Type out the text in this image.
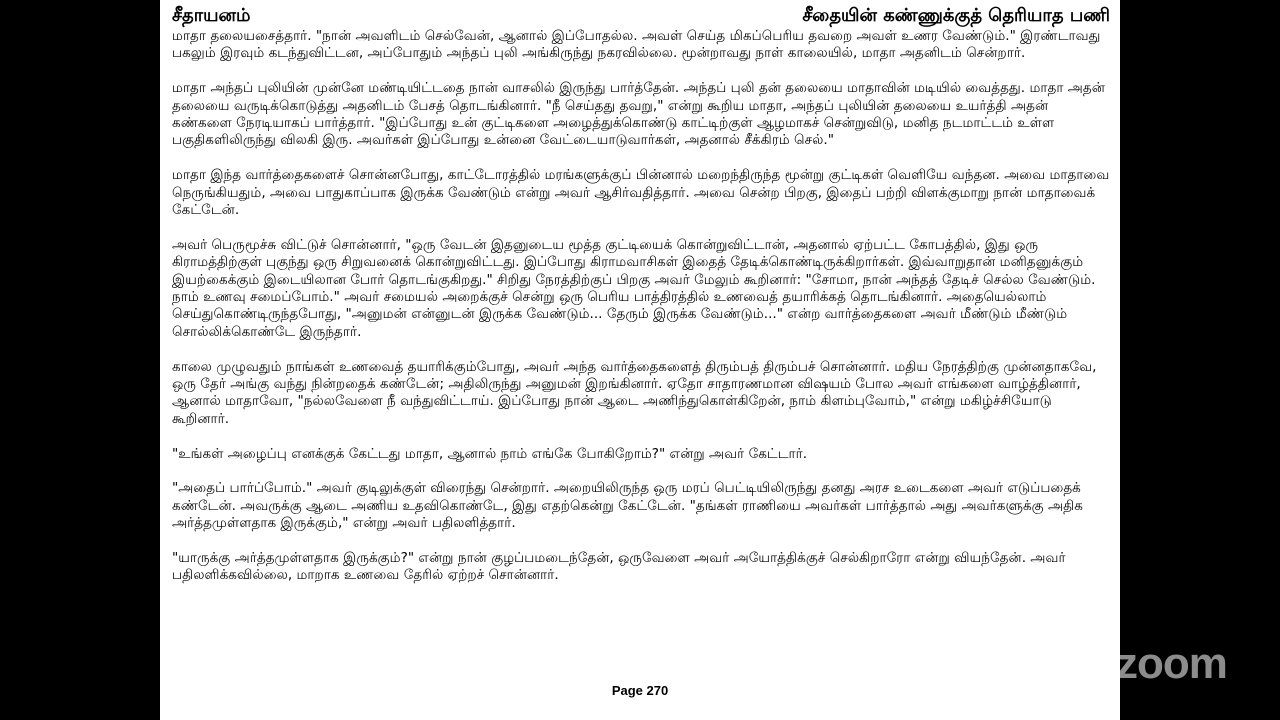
சீதாயனம்	சீதையின் கண்ணுக்குத் தெரியாத பணி

மாதா தலையசைத்தார். "நான் அவளிடம் செல்வேன், ஆனால் இப்போதல்ல. அவள் செய்த மிகப்பெரிய தவறை அவள் உணர வேண்டும்." இரண்டாவது பகலும் இரவும் கடந்துவிட்டன, அப்போதும் அந்தப் புலி அங்கிருந்து நகரவில்லை. மூன்றாவது நாள் காலையில், மாதா அதனிடம் சென்றார்.

மாதா அந்தப் புலியின் முன்னே மண்டியிட்டதை நான் வாசலில் இருந்து பார்த்தேன். அந்தப் புலி தன் தலையை மாதாவின் மடியில் வைத்தது. மாதா அதன் தலையை வருடிக்கொடுத்து அதனிடம் பேசத் தொடங்கினார். "நீ செய்தது தவறு," என்று கூறிய மாதா, அந்தப் புலியின் தலையை உயர்த்தி அதன் கண்களை நேரடியாகப் பார்த்தார். "இப்போது உன் குட்டிகளை அழைத்துக்கொண்டு காட்டிற்குள் ஆழமாகச் சென்றுவிடு, மனித நடமாட்டம் உள்ள பகுதிகளிலிருந்து விலகி இரு. அவர்கள் இப்போது உன்னை வேட்டையாடுவார்கள், அதனால் சீக்கிரம் செல்."

மாதா இந்த வார்த்தைகளைச் சொன்னபோது, காட்டோரத்தில் மரங்களுக்குப் பின்னால் மறைந்திருந்த மூன்று குட்டிகள் வெளியே வந்தன. அவை மாதாவை நெருங்கியதும், அவை பாதுகாப்பாக இருக்க வேண்டும் என்று அவர் ஆசிர்வதித்தார். அவை சென்ற பிறகு, இதைப் பற்றி விளக்குமாறு நான் மாதாவைக் கேட்டேன்.

அவர் பெருமூச்சு விட்டுச் சொன்னார், "ஒரு வேடன் இதனுடைய மூத்த குட்டியைக் கொன்றுவிட்டான், அதனால் ஏற்பட்ட கோபத்தில், இது ஒரு கிராமத்திற்குள் புகுந்து ஒரு சிறுவனைக் கொன்றுவிட்டது. இப்போது கிராமவாசிகள் இதைத் தேடிக்கொண்டிருக்கிறார்கள். இவ்வாறுதான் மனிதனுக்கும் இயற்கைக்கும் இடையிலான போர் தொடங்குகிறது." சிறிது நேரத்திற்குப் பிறகு அவர் மேலும் கூறினார்: "சோமா, நான் அந்தத் தேடிச் செல்ல வேண்டும். நாம் உணவு சமைப்போம்." அவர் சமையல் அறைக்குச் சென்று ஒரு பெரிய பாத்திரத்தில் உணவைத் தயாரிக்கத் தொடங்கினார். அதையெல்லாம் செய்துகொண்டிருந்தபோது, "அனுமன் என்னுடன் இருக்க வேண்டும்... தேரும் இருக்க வேண்டும்..." என்ற வார்த்தைகளை அவர் மீண்டும் மீண்டும் சொல்லிக்கொண்டே இருந்தார்.

காலை முழுவதும் நாங்கள் உணவைத் தயாரிக்கும்போது, அவர் அந்த வார்த்தைகளைத் திரும்பத் திரும்பச் சொன்னார். மதிய நேரத்திற்கு முன்னதாகவே, ஒரு தேர் அங்கு வந்து நின்றதைக் கண்டேன்; அதிலிருந்து அனுமன் இறங்கினார். ஏதோ சாதாரணமான விஷயம் போல அவர் எங்களை வாழ்த்தினார், ஆனால் மாதாவோ, "நல்லவேளை நீ வந்துவிட்டாய். இப்போது நான் ஆடை அணிந்துகொள்கிறேன், நாம் கிளம்புவோம்," என்று மகிழ்ச்சியோடு கூறினார்.

"உங்கள் அழைப்பு எனக்குக் கேட்டது மாதா, ஆனால் நாம் எங்கே போகிறோம்?" என்று அவர் கேட்டார்.

"அதைப் பார்ப்போம்." அவர் குடிலுக்குள் விரைந்து சென்றார். அறையிலிருந்த ஒரு மரப் பெட்டியிலிருந்து தனது அரச உடைகளை அவர் எடுப்பதைக் கண்டேன். அவருக்கு ஆடை அணிய உதவிகொண்டே, இது எதற்கென்று கேட்டேன். "தங்கள் ராணியை அவர்கள் பார்த்தால் அது அவர்களுக்கு அதிக அர்த்தமுள்ளதாக இருக்கும்," என்று அவர் பதிலளித்தார்.

"யாருக்கு அர்த்தமுள்ளதாக இருக்கும்?" என்று நான் குழப்பமடைந்தேன், ஒருவேளை அவர் அயோத்திக்குச் செல்கிறாரோ என்று வியந்தேன். அவர் பதிலளிக்கவில்லை, மாறாக உணவை தேரில் ஏற்றச் சொன்னார்.

Page 270
zoom
